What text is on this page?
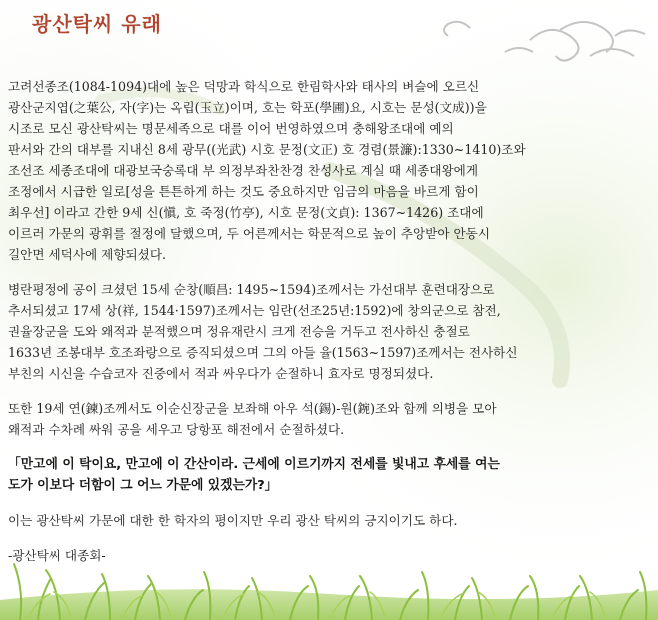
광산탁씨 유래
고려선종조(1084-1094)대에 높은 덕망과 학식으로 한림학사와 태사의 벼슬에 오르신
광산군지엽(之葉公, 자(字)는 옥립(玉立)이며, 호는 학포(學圃)요, 시호는 문성(文成))을
시조로 모신 광산탁씨는 명문세족으로 대를 이어 번영하였으며 충해왕조대에 예의
판서와 간의 대부를 지내신 8세 광무((光武) 시호 문정(文正) 호 경렴(景濂):1330~1410)조와
조선조 세종조대에 대광보국숭록대 부 의정부좌찬찬경 찬성사로 계실 때 세종대왕에게
조정에서 시급한 일로[성을 튼튼하게 하는 것도 중요하지만 임금의 마음을 바르게 함이
최우선] 이라고 간한 9세 신(愼, 호 죽정(竹亭), 시호 문정(文貞): 1367~1426) 조대에
이르러 가문의 광휘를 절정에 달했으며, 두 어른께서는 학문적으로 높이 추앙받아 안동시
길안면 세덕사에 제향되셨다.
병란평정에 공이 크셨던 15세 순창(順昌: 1495~1594)조께서는 가선대부 훈련대장으로
추서되셨고 17세 상(祥, 1544·1597)조께서는 임란(선조25년:1592)에 창의군으로 참전,
권율장군을 도와 왜적과 분적했으며 정유재란시 크게 전승을 거두고 전사하신 충절로
1633년 조봉대부 호조좌랑으로 증직되셨으며 그의 아들 율(1563~1597)조께서는 전사하신
부친의 시신을 수습코자 진중에서 적과 싸우다가 순절하니 효자로 명정되셨다.
또한 19세 연(鍊)조께서도 이순신장군을 보좌해 아우 석(錫)-원(鋺)조와 함께 의병을 모아
왜적과 수차례 싸워 공을 세우고 당항포 해전에서 순절하셨다.
「만고에 이 탁이요, 만고에 이 간산이라. 근세에 이르기까지 전세를 빛내고 후세를 여는
도가 이보다 더함이 그 어느 가문에 있겠는가?」
이는 광산탁씨 가문에 대한 한 학자의 평이지만 우리 광산 탁씨의 긍지이기도 하다.
-광산탁씨 대종회-
